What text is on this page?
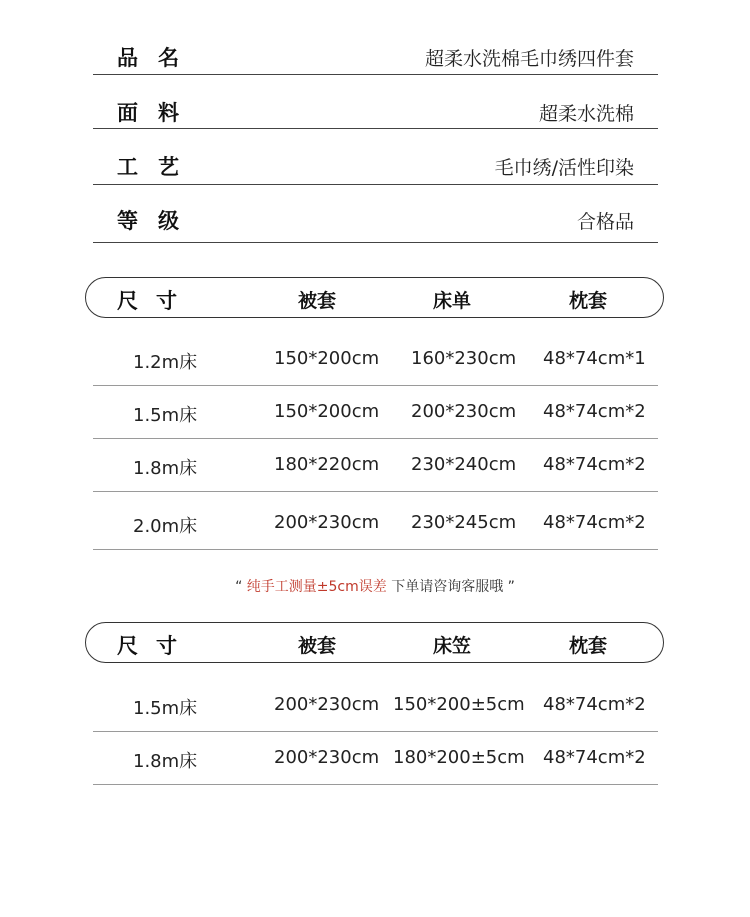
品名	超柔水洗棉毛巾绣四件套
面料	超柔水洗棉
工艺	毛巾绣/活性印染
等级	合格品
尺寸	被套	床单	枕套
1.2m床	150*200cm 160*230cm 48*74cm*1
1.5m床	150*200cm 200*230cm 48*74cm*2
1.8m床	180*220cm 230*240cm 48*74cm*2
2.0m床	200*230cm 230*245cm 48*74cm*2
“ 纯手工测量±5cm误差 下单请咨询客服哦 ”
尺寸	被套	床笠	枕套
1.5m床	200*230cm 150*200±5cm 48*74cm*2
1.8m床	200*230cm 180*200±5cm 48*74cm*2
